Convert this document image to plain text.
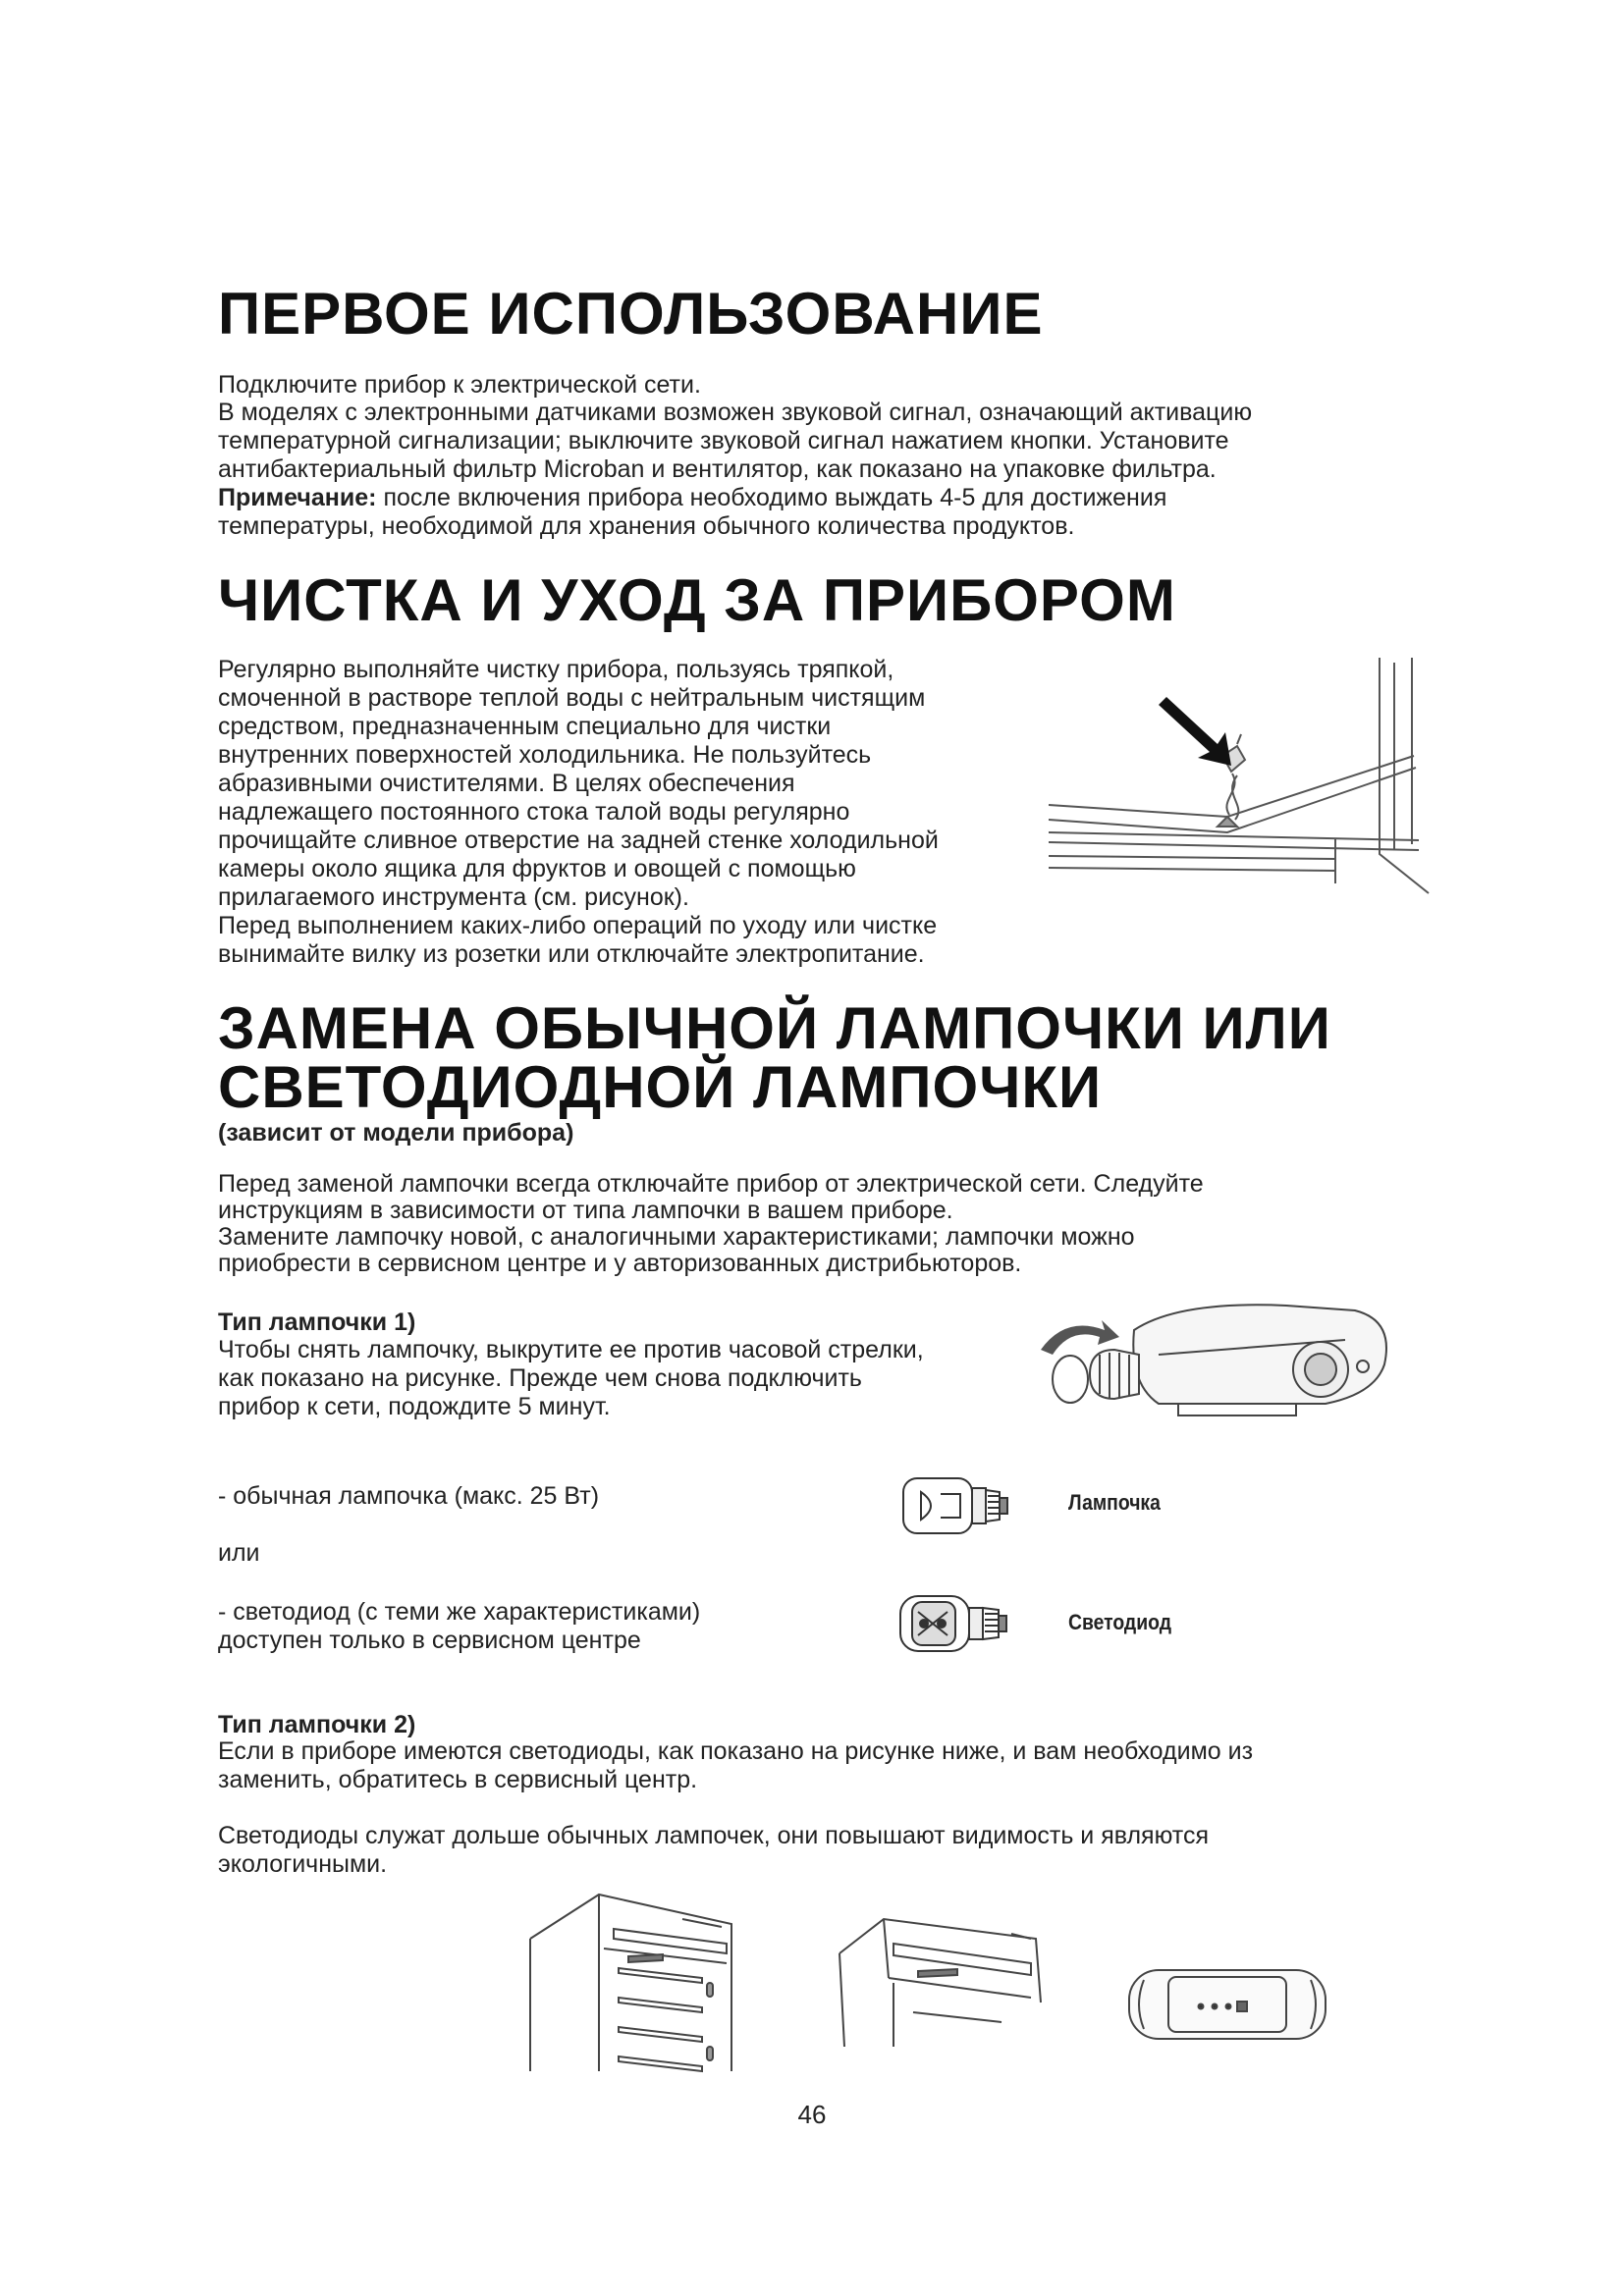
ПЕРВОЕ ИСПОЛЬЗОВАНИЕ
Подключите прибор к электрической сети.
В моделях с электронными датчиками возможен звуковой сигнал, означающий активацию
температурной сигнализации; выключите звуковой сигнал нажатием кнопки. Установите
антибактериальный фильтр Microban и вентилятор, как показано на упаковке фильтра.
Примечание: после включения прибора необходимо выждать 4-5 для достижения
температуры, необходимой для хранения обычного количества продуктов.
ЧИСТКА И УХОД ЗА ПРИБОРОМ
Регулярно выполняйте чистку прибора, пользуясь тряпкой,
смоченной в растворе теплой воды с нейтральным чистящим
средством, предназначенным специально для чистки
внутренних поверхностей холодильника. Не пользуйтесь
абразивными очистителями. В целях обеспечения
надлежащего постоянного стока талой воды регулярно
прочищайте сливное отверстие на задней стенке холодильной
камеры около ящика для фруктов и овощей с помощью
прилагаемого инструмента (см. рисунок).
Перед выполнением каких-либо операций по уходу или чистке
вынимайте вилку из розетки или отключайте электропитание.
ЗАМЕНА ОБЫЧНОЙ ЛАМПОЧКИ ИЛИ
СВЕТОДИОДНОЙ ЛАМПОЧКИ
(зависит от модели прибора)
Перед заменой лампочки всегда отключайте прибор от электрической сети. Следуйте
инструкциям в зависимости от типа лампочки в вашем приборе.
Замените лампочку новой, с аналогичными характеристиками; лампочки можно
приобрести в сервисном центре и у авторизованных дистрибьюторов.
Тип лампочки 1)
Чтобы снять лампочку, выкрутите ее против часовой стрелки,
как показано на рисунке. Прежде чем снова подключить
прибор к сети, подождите 5 минут.
- обычная лампочка (макс. 25 Вт)
или
- светодиод (с теми же характеристиками)
доступен только в сервисном центре
Лампочка
Светодиод
Тип лампочки 2)
Если в приборе имеются светодиоды, как показано на рисунке ниже, и вам необходимо из
заменить, обратитесь в сервисный центр.
Светодиоды служат дольше обычных лампочек, они повышают видимость и являются
экологичными.
46
